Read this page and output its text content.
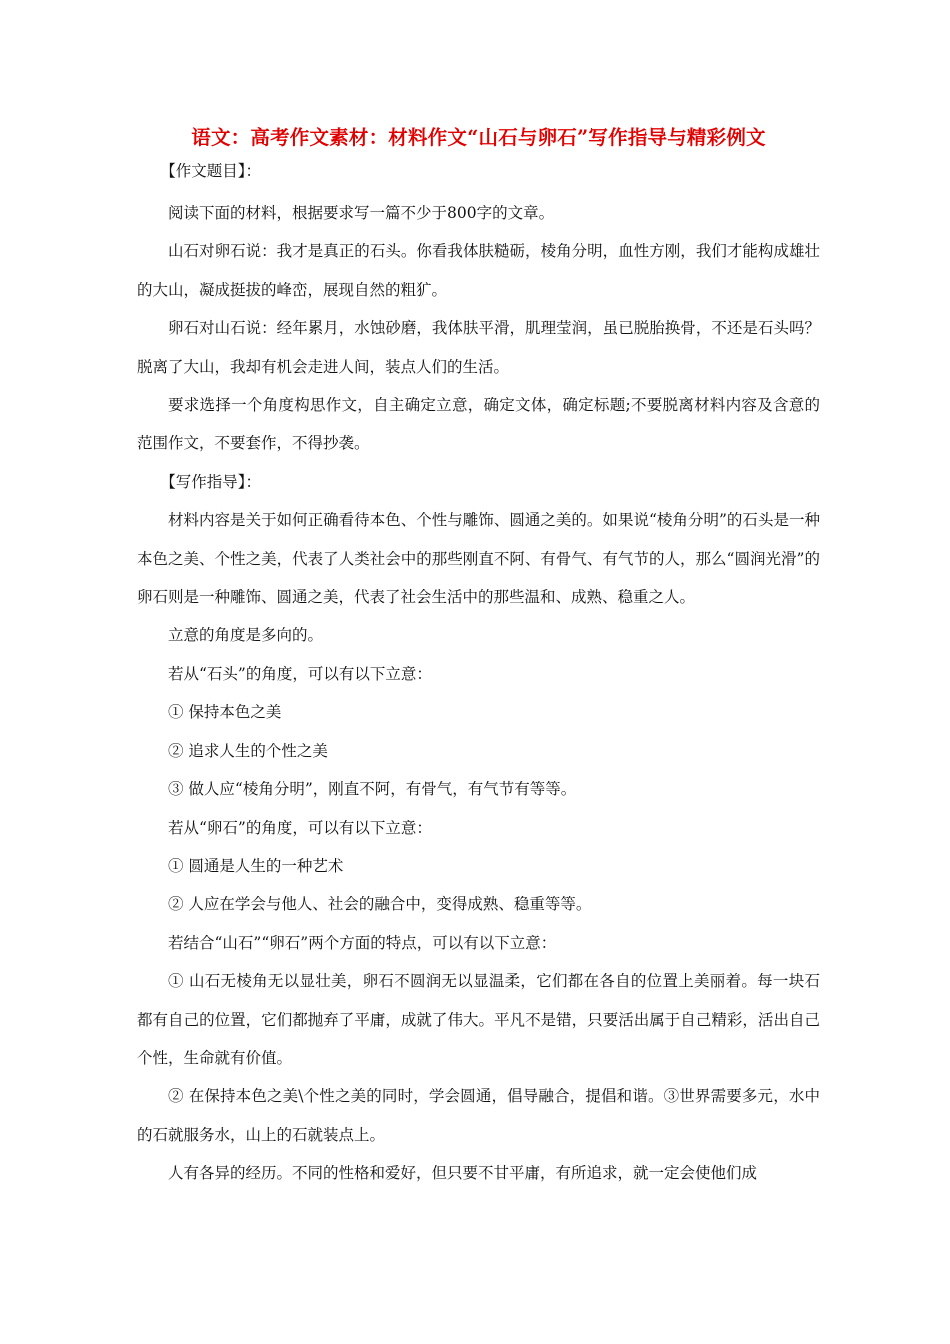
语文：高考作文素材：材料作文“山石与卵石”写作指导与精彩例文

【作文题目】：

阅读下面的材料，根据要求写一篇不少于800字的文章。

山石对卵石说：我才是真正的石头。你看我体肤糙砺，棱角分明，血性方刚，我们才能构成雄壮的大山，凝成挺拔的峰峦，展现自然的粗犷。

卵石对山石说：经年累月，水蚀砂磨，我体肤平滑，肌理莹润，虽已脱胎换骨，不还是石头吗？脱离了大山，我却有机会走进人间，装点人们的生活。

要求选择一个角度构思作文，自主确定立意，确定文体，确定标题;不要脱离材料内容及含意的范围作文，不要套作，不得抄袭。

【写作指导】：

材料内容是关于如何正确看待本色、个性与雕饰、圆通之美的。如果说“棱角分明”的石头是一种本色之美、个性之美，代表了人类社会中的那些刚直不阿、有骨气、有气节的人，那么“圆润光滑”的卵石则是一种雕饰、圆通之美，代表了社会生活中的那些温和、成熟、稳重之人。

立意的角度是多向的。

若从“石头”的角度，可以有以下立意：

① 保持本色之美

② 追求人生的个性之美

③ 做人应“棱角分明”，刚直不阿，有骨气，有气节有等等。

若从“卵石”的角度，可以有以下立意：

① 圆通是人生的一种艺术

② 人应在学会与他人、社会的融合中，变得成熟、稳重等等。

若结合“山石”“卵石”两个方面的特点，可以有以下立意：

① 山石无棱角无以显壮美，卵石不圆润无以显温柔，它们都在各自的位置上美丽着。每一块石都有自己的位置，它们都抛弃了平庸，成就了伟大。平凡不是错，只要活出属于自己精彩，活出自己个性，生命就有价值。

② 在保持本色之美\个性之美的同时，学会圆通，倡导融合，提倡和谐。③世界需要多元，水中的石就服务水，山上的石就装点上。

人有各异的经历。不同的性格和爱好，但只要不甘平庸，有所追求，就一定会使他们成
